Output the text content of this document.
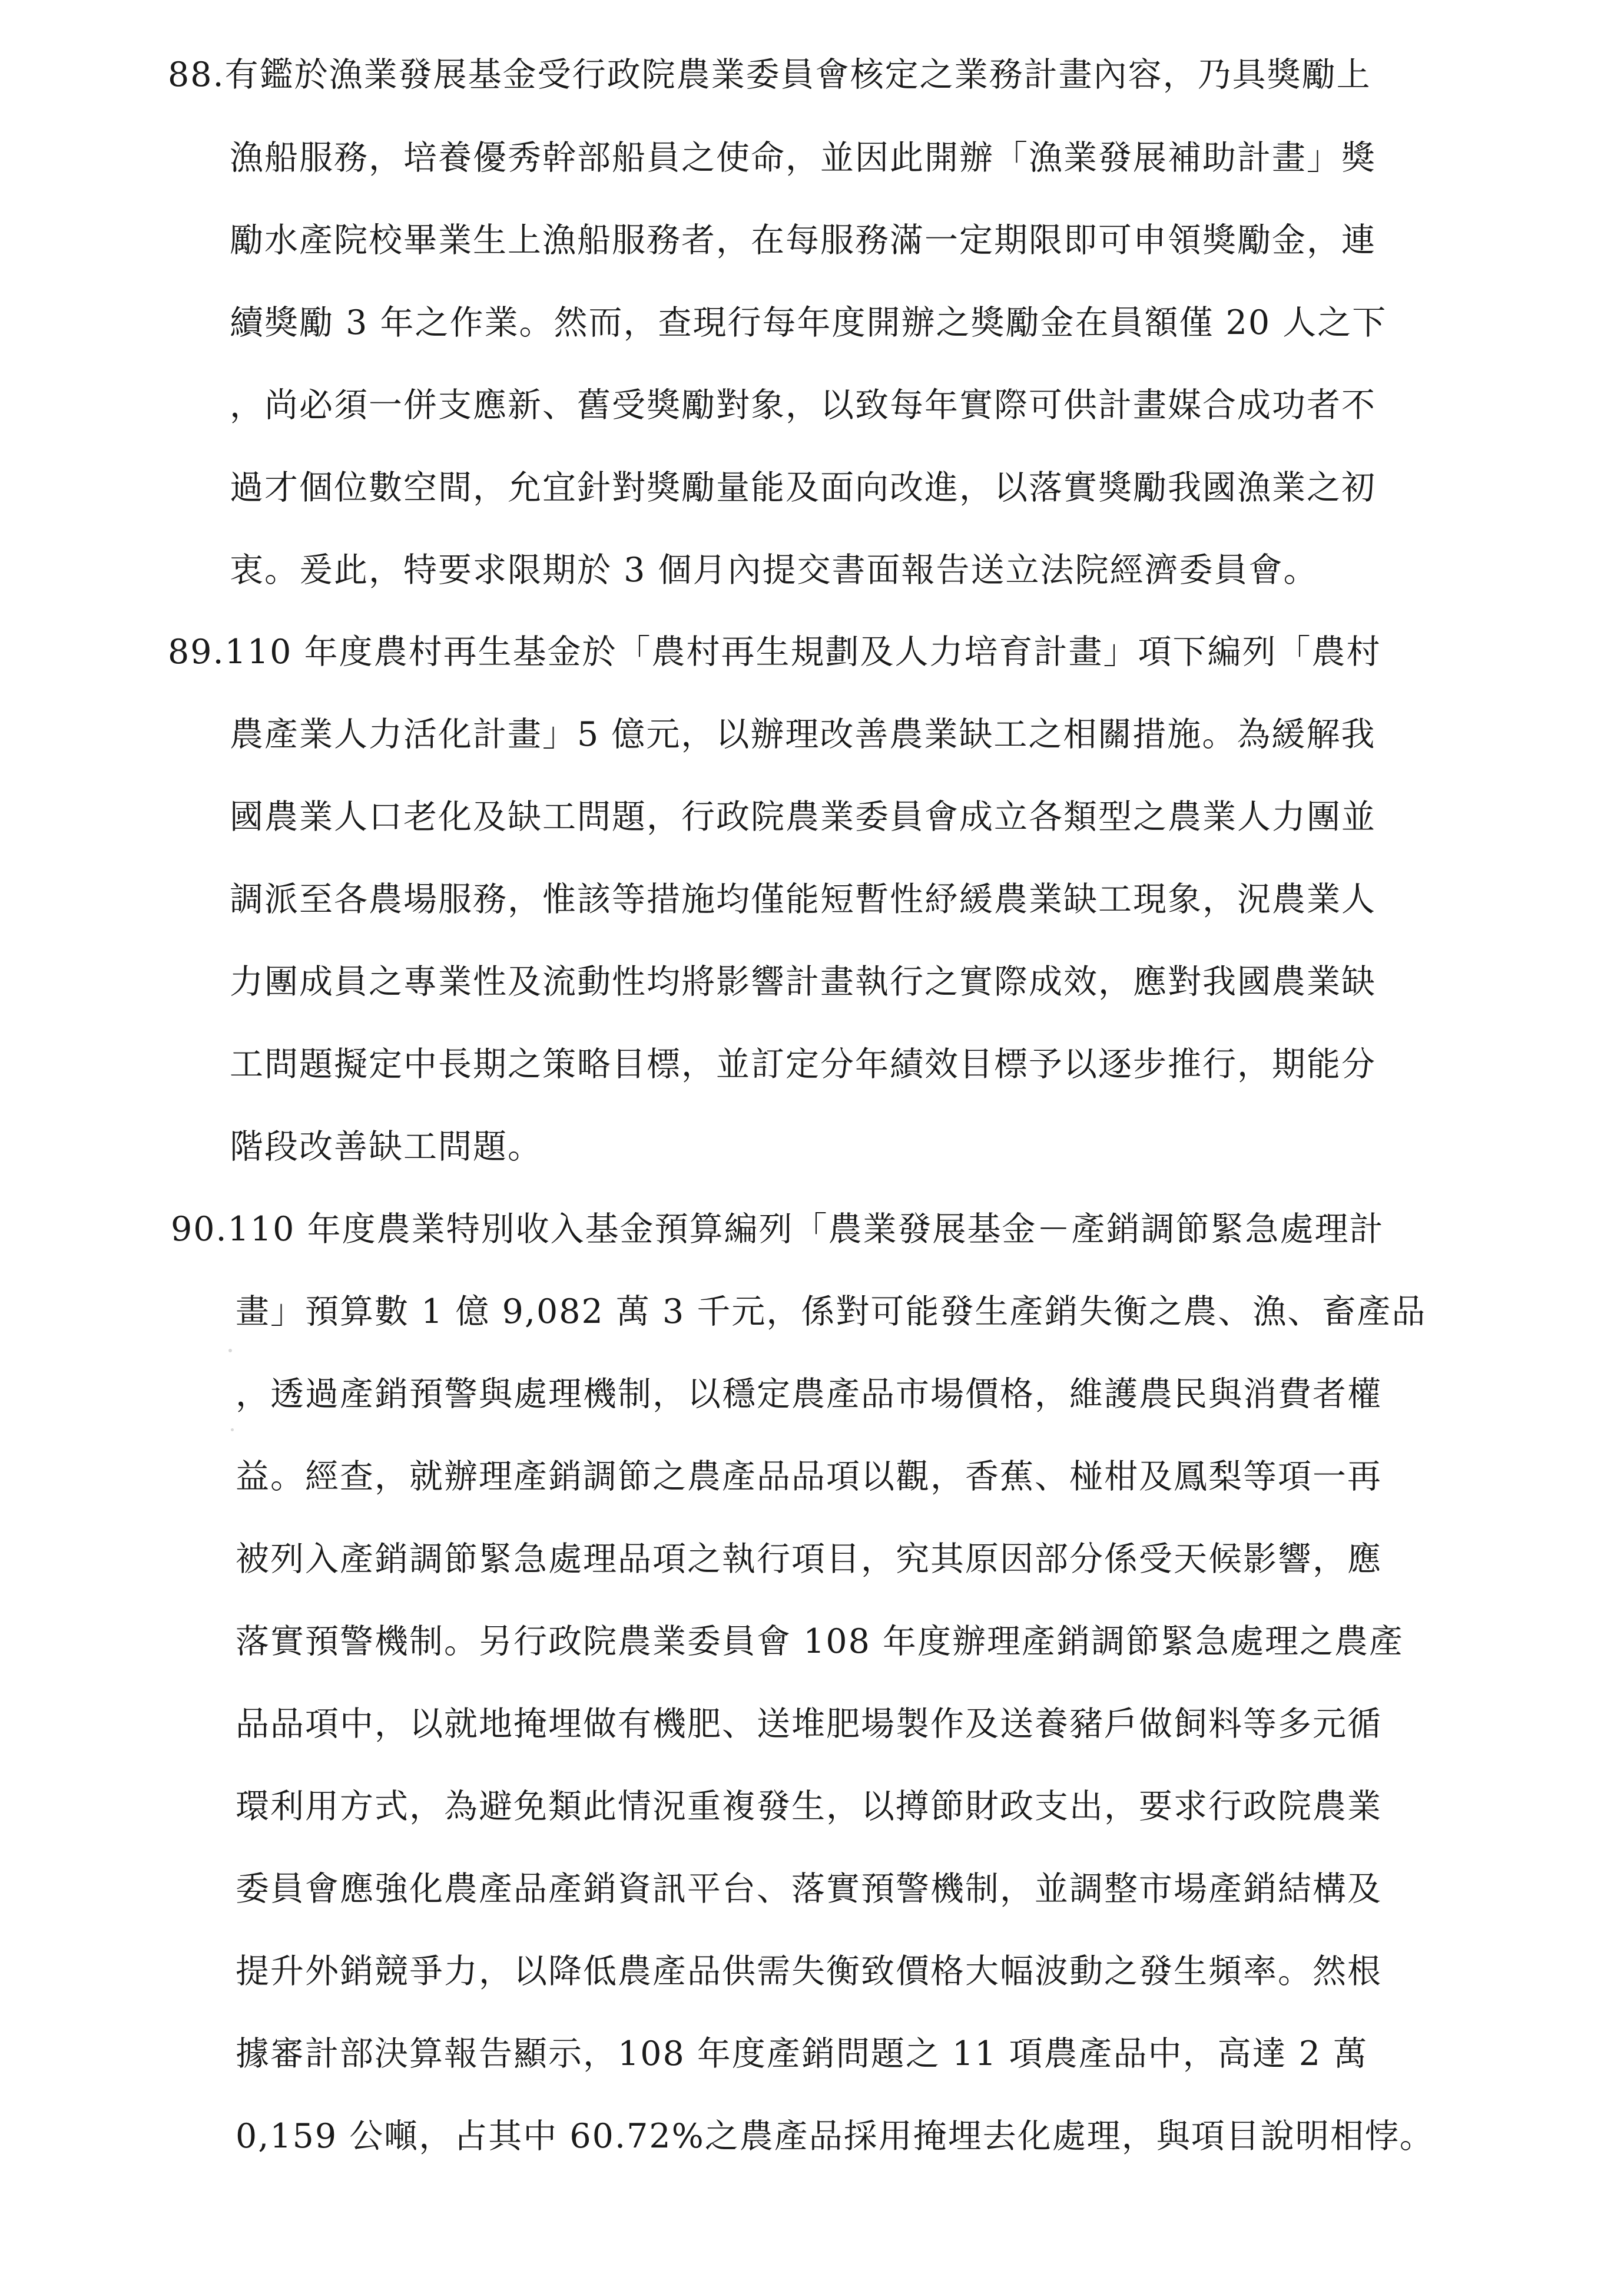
88.有鑑於漁業發展基金受行政院農業委員會核定之業務計畫內容，乃具獎勵上
漁船服務，培養優秀幹部船員之使命，並因此開辦「漁業發展補助計畫」獎
勵水產院校畢業生上漁船服務者，在每服務滿一定期限即可申領獎勵金，連
續獎勵 3 年之作業。然而，查現行每年度開辦之獎勵金在員額僅 20 人之下
，尚必須一併支應新、舊受獎勵對象，以致每年實際可供計畫媒合成功者不
過才個位數空間，允宜針對獎勵量能及面向改進，以落實獎勵我國漁業之初
衷。爰此，特要求限期於 3 個月內提交書面報告送立法院經濟委員會。
89.110 年度農村再生基金於「農村再生規劃及人力培育計畫」項下編列「農村
農產業人力活化計畫」5 億元，以辦理改善農業缺工之相關措施。為緩解我
國農業人口老化及缺工問題，行政院農業委員會成立各類型之農業人力團並
調派至各農場服務，惟該等措施均僅能短暫性紓緩農業缺工現象，況農業人
力團成員之專業性及流動性均將影響計畫執行之實際成效，應對我國農業缺
工問題擬定中長期之策略目標，並訂定分年績效目標予以逐步推行，期能分
階段改善缺工問題。
90.110 年度農業特別收入基金預算編列「農業發展基金－產銷調節緊急處理計
畫」預算數 1 億 9,082 萬 3 千元，係對可能發生產銷失衡之農、漁、畜產品
，透過產銷預警與處理機制，以穩定農產品市場價格，維護農民與消費者權
益。經查，就辦理產銷調節之農產品品項以觀，香蕉、椪柑及鳳梨等項一再
被列入產銷調節緊急處理品項之執行項目，究其原因部分係受天候影響，應
落實預警機制。另行政院農業委員會 108 年度辦理產銷調節緊急處理之農產
品品項中，以就地掩埋做有機肥、送堆肥場製作及送養豬戶做飼料等多元循
環利用方式，為避免類此情況重複發生，以撙節財政支出，要求行政院農業
委員會應強化農產品產銷資訊平台、落實預警機制，並調整市場產銷結構及
提升外銷競爭力，以降低農產品供需失衡致價格大幅波動之發生頻率。然根
據審計部決算報告顯示，108 年度產銷問題之 11 項農產品中，高達 2 萬
0,159 公噸，占其中 60.72%之農產品採用掩埋去化處理，與項目說明相悖。
